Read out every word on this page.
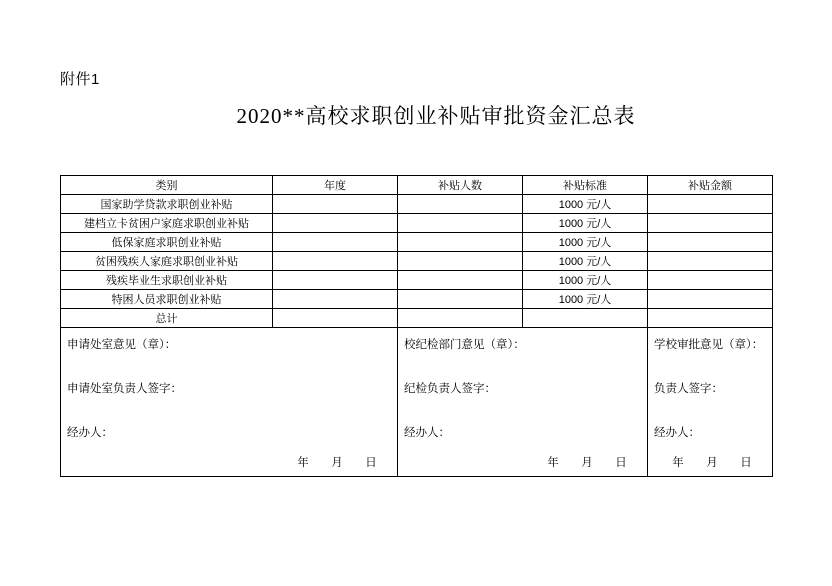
附件1
2020**高校求职创业补贴审批资金汇总表
类别	年度	补贴人数	补贴标准	补贴金额
国家助学贷款求职创业补贴			1000 元/人	
建档立卡贫困户家庭求职创业补贴			1000 元/人	
低保家庭求职创业补贴			1000 元/人	
贫困残疾人家庭求职创业补贴			1000 元/人	
残疾毕业生求职创业补贴			1000 元/人	
特困人员求职创业补贴			1000 元/人	
总计				

申请处室意见（章）：
申请处室负责人签字：
经办人：
年 月 日

校纪检部门意见（章）：
纪检负责人签字：
经办人：
年 月 日

学校审批意见（章）：
负责人签字：
经办人：
年 月 日
